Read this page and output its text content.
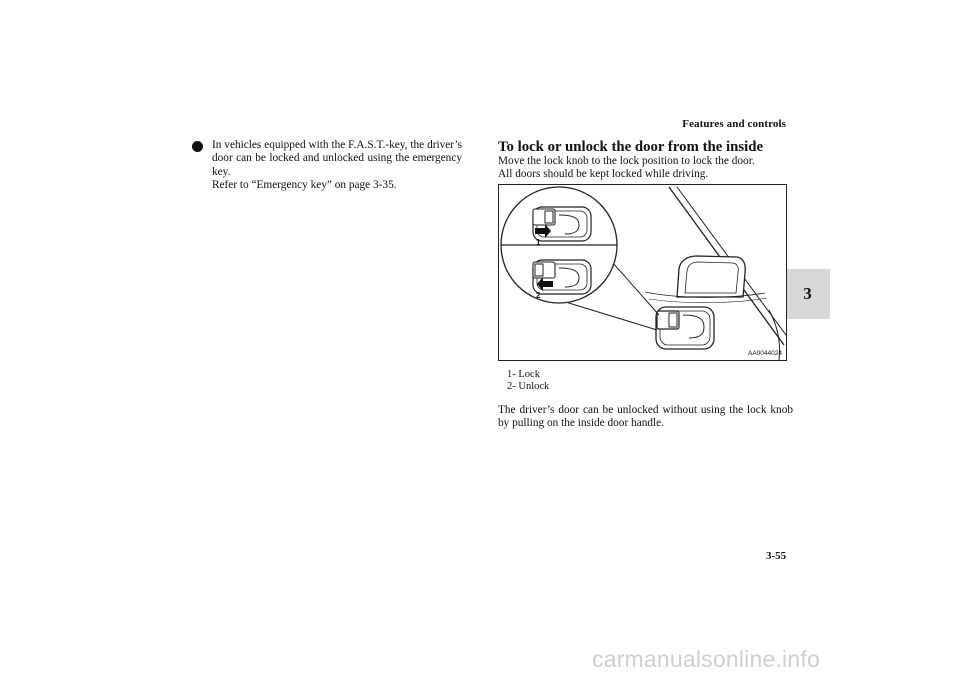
Features and controls
3
In vehicles equipped with the F.A.S.T.-key, the driver’s
door can be locked and unlocked using the emergency
key.
Refer to “Emergency key” on page 3-35.
To lock or unlock the door from the inside
Move the lock knob to the lock position to lock the door.
All doors should be kept locked while driving.
1
2
AA0044024
1- Lock
2- Unlock
The driver’s door can be unlocked without using the lock knob by pulling on the inside door handle.
3-55
carmanualsonline.info
